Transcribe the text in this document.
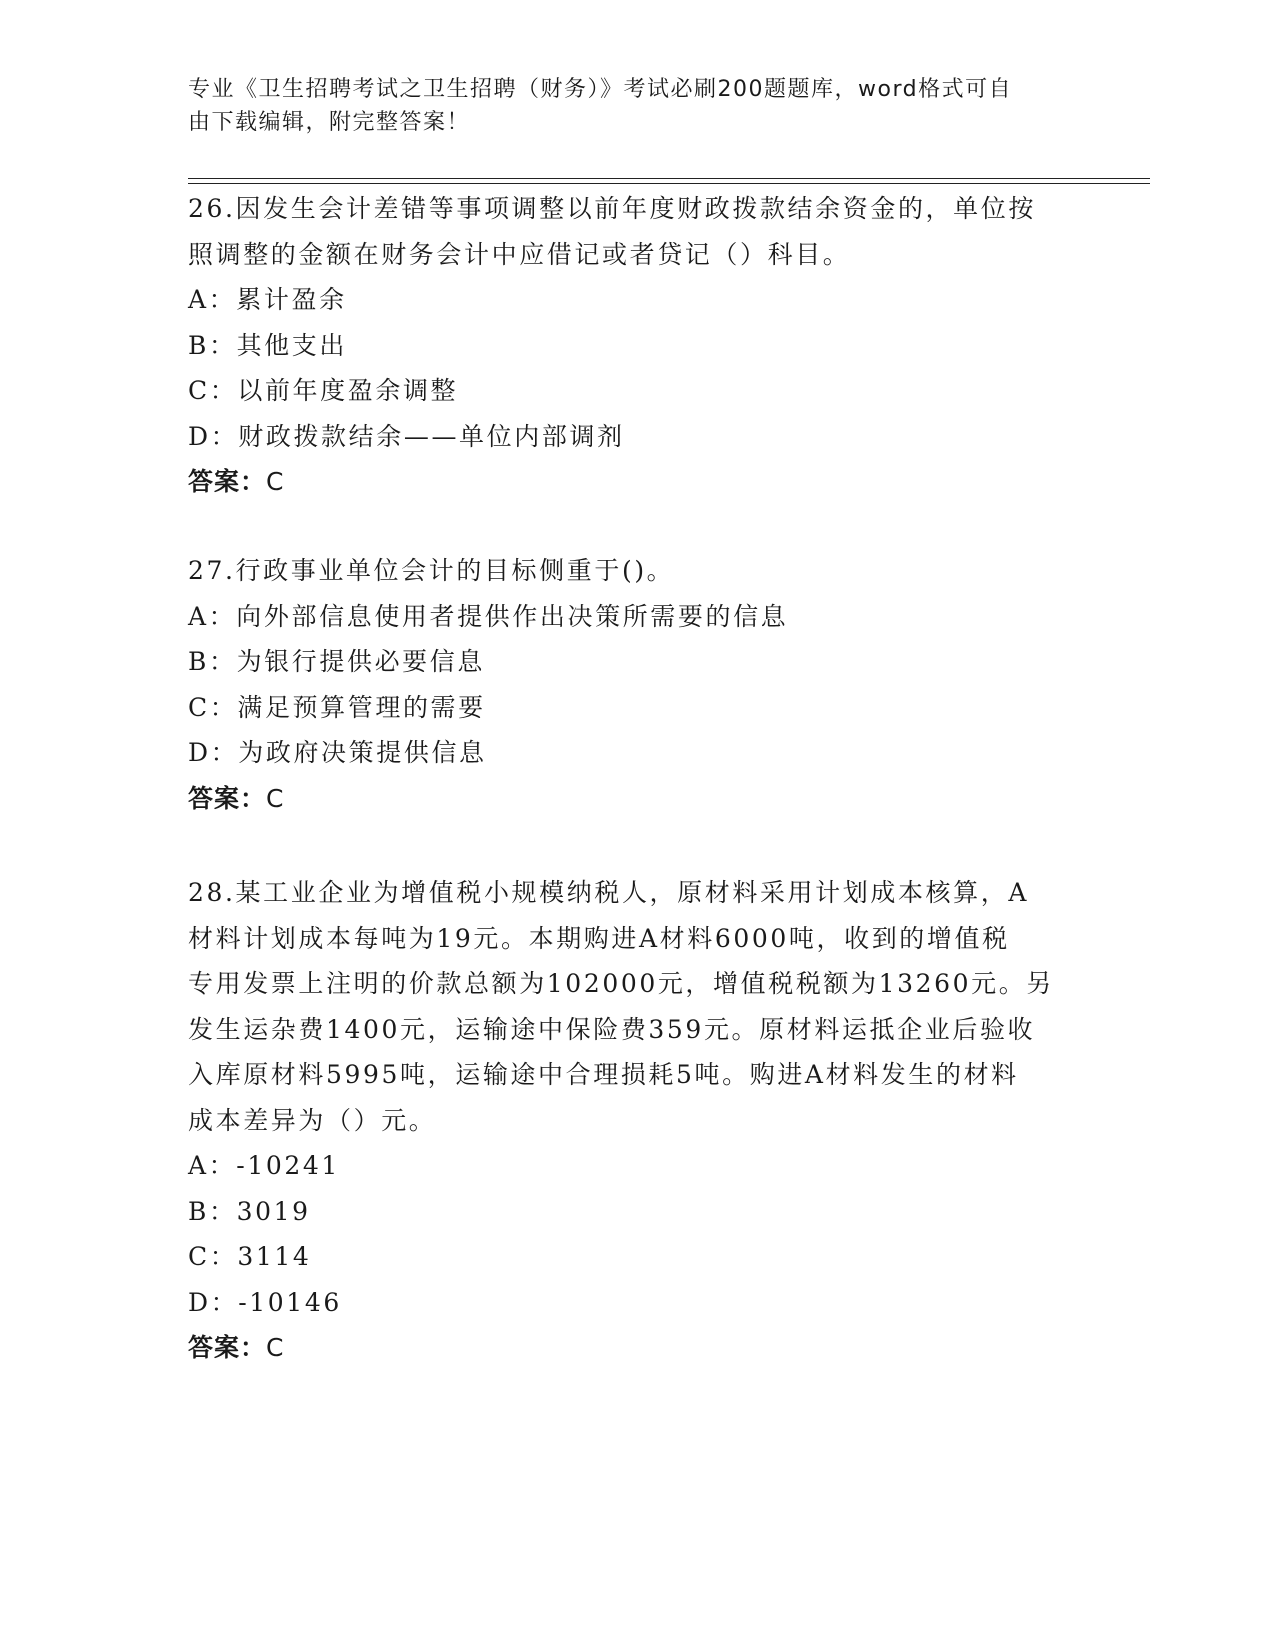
专业《卫生招聘考试之卫生招聘（财务）》考试必刷200题题库，word格式可自
由下载编辑，附完整答案！

26.因发生会计差错等事项调整以前年度财政拨款结余资金的，单位按

照调整的金额在财务会计中应借记或者贷记（）科目。

A：累计盈余

B：其他支出

C：以前年度盈余调整

D：财政拨款结余——单位内部调剂

答案：C

27.行政事业单位会计的目标侧重于()。

A：向外部信息使用者提供作出决策所需要的信息

B：为银行提供必要信息

C：满足预算管理的需要

D：为政府决策提供信息

答案：C

28.某工业企业为增值税小规模纳税人，原材料采用计划成本核算，A

材料计划成本每吨为19元。本期购进A材料6000吨，收到的增值税

专用发票上注明的价款总额为102000元，增值税税额为13260元。另

发生运杂费1400元，运输途中保险费359元。原材料运抵企业后验收

入库原材料5995吨，运输途中合理损耗5吨。购进A材料发生的材料

成本差异为（）元。

A：-10241

B：3019

C：3114

D：-10146

答案：C
